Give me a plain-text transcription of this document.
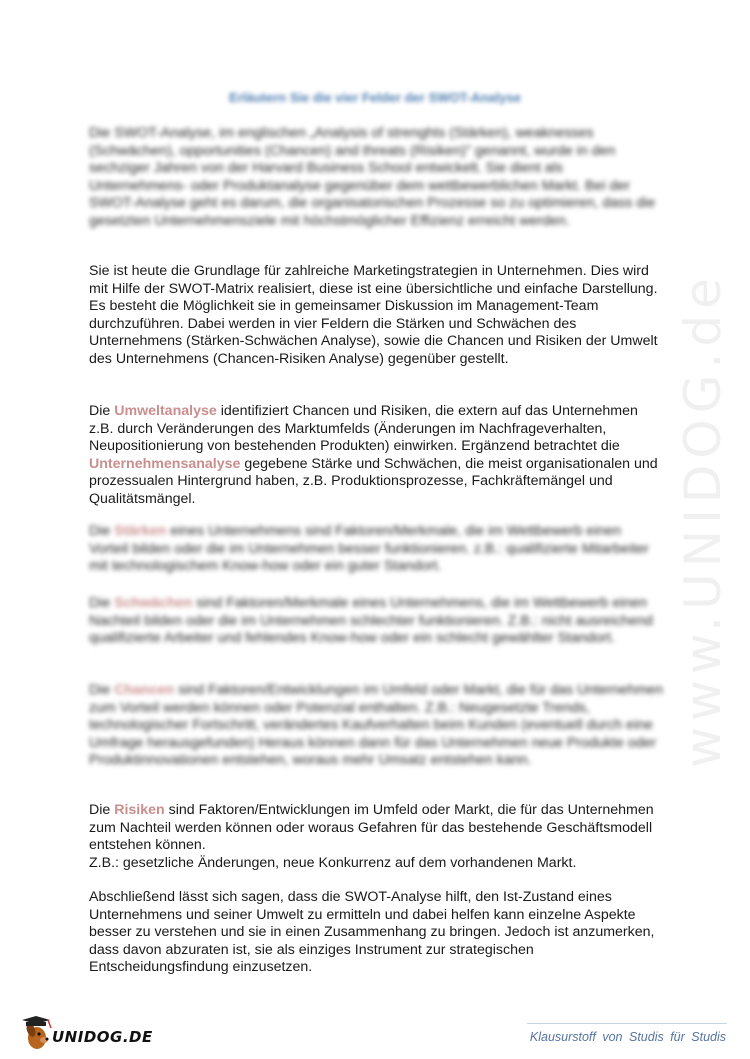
Erläutern Sie die vier Felder der SWOT-Analyse

Die SWOT-Analyse, im englischen „Analysis of strenghts (Stärken), weaknesses (Schwächen), opportunities (Chancen) and threats (Risiken)" genannt, wurde in den sechziger Jahren von der Harvard Business School entwickelt. Sie dient als Unternehmens- oder Produktanalyse gegenüber dem wettbewerblichen Markt. Bei der SWOT-Analyse geht es darum, die organisatorischen Prozesse so zu optimieren, dass die gesetzten Unternehmensziele mit höchstmöglicher Effizienz erreicht werden.

Sie ist heute die Grundlage für zahlreiche Marketingstrategien in Unternehmen. Dies wird mit Hilfe der SWOT-Matrix realisiert, diese ist eine übersichtliche und einfache Darstellung. Es besteht die Möglichkeit sie in gemeinsamer Diskussion im Management-Team durchzuführen. Dabei werden in vier Feldern die Stärken und Schwächen des Unternehmens (Stärken-Schwächen Analyse), sowie die Chancen und Risiken der Umwelt des Unternehmens (Chancen-Risiken Analyse) gegenüber gestellt.

Die Umweltanalyse identifiziert Chancen und Risiken, die extern auf das Unternehmen z.B. durch Veränderungen des Marktumfelds (Änderungen im Nachfrageverhalten, Neupositionierung von bestehenden Produkten) einwirken. Ergänzend betrachtet die Unternehmensanalyse gegebene Stärke und Schwächen, die meist organisationalen und prozessualen Hintergrund haben, z.B. Produktionsprozesse, Fachkräftemängel und Qualitätsmängel.

Die Stärken eines Unternehmens sind Faktoren/Merkmale, die im Wettbewerb einen Vorteil bilden oder die im Unternehmen besser funktionieren. z.B.: qualifizierte Mitarbeiter mit technologischem Know-how oder ein guter Standort.

Die Schwächen sind Faktoren/Merkmale eines Unternehmens, die im Wettbewerb einen Nachteil bilden oder die im Unternehmen schlechter funktionieren. Z.B.: nicht ausreichend qualifizierte Arbeiter und fehlendes Know-how oder ein schlecht gewählter Standort.

Die Chancen sind Faktoren/Entwicklungen im Umfeld oder Markt, die für das Unternehmen zum Vorteil werden können oder Potenzial enthalten. Z.B.: Neugesetzte Trends, technologischer Fortschritt, verändertes Kaufverhalten beim Kunden (eventuell durch eine Umfrage herausgefunden) Heraus können dann für das Unternehmen neue Produkte oder Produktinnovationen entstehen, woraus mehr Umsatz entstehen kann.

Die Risiken sind Faktoren/Entwicklungen im Umfeld oder Markt, die für das Unternehmen zum Nachteil werden können oder woraus Gefahren für das bestehende Geschäftsmodell entstehen können.
Z.B.: gesetzliche Änderungen, neue Konkurrenz auf dem vorhandenen Markt.

Abschließend lässt sich sagen, dass die SWOT-Analyse hilft, den Ist-Zustand eines Unternehmens und seiner Umwelt zu ermitteln und dabei helfen kann einzelne Aspekte besser zu verstehen und sie in einen Zusammenhang zu bringen. Jedoch ist anzumerken, dass davon abzuraten ist, sie als einziges Instrument zur strategischen Entscheidungsfindung einzusetzen.

www.UNIDOG.de
UNIDOG.DE	Klausurstoff von Studis für Studis
